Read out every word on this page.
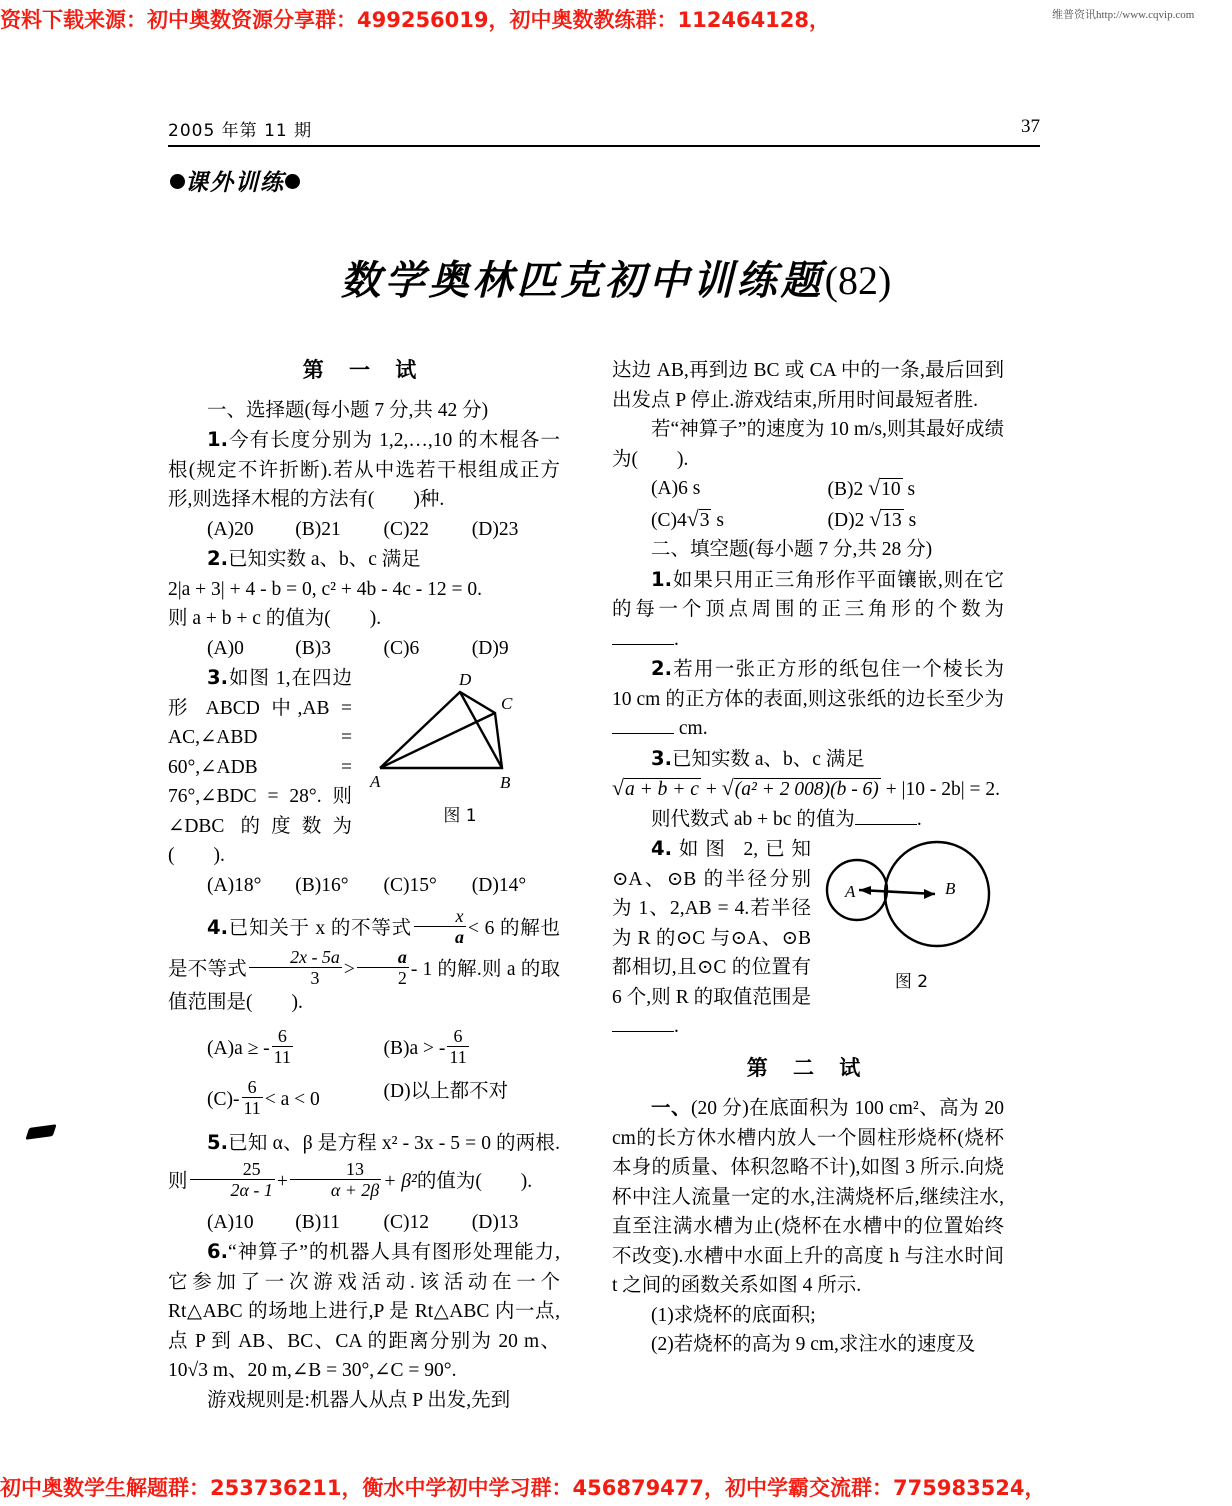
资料下载来源：初中奥数资源分享群：499256019，初中奥数教练群：112464128，	维普资讯http://www.cqvip.com
2005 年第 11 期	37
课外训练
数学奥林匹克初中训练题(82)
第 一 试

一、选择题(每小题 7 分,共 42 分)

1.今有长度分别为 1,2,…,10 的木棍各一根(规定不许折断).若从中选若干根组成正方形,则选择木棍的方法有(　　)种.

(A)20	(B)21	(C)22	(D)23

2.已知实数 a、b、c 满足

2|a + 3| + 4 - b = 0, c² + 4b - 4c - 12 = 0.

则 a + b + c 的值为(　　).

(A)0	(B)3	(C)6	(D)9
A	B
C
D
图 1

3.如图 1,在四边形 ABCD 中,AB = AC,∠ABD = 60°,∠ADB = 76°,∠BDC = 28°. 则∠DBC 的度数为(　　).

(A)18°	(B)16°	(C)15°	(D)14°

4.已知关于 x 的不等式 $\frac{x}{a} < 6$ 的解也是不等式 $\frac{2x - 5a}{3} > \frac{a}{2} - 1$ 的解.则 a 的取值范围是(　　).

(A)a ≥ - $\frac{6}{11}$	(B)a > - $\frac{6}{11}$
$(C)- \frac{6}{11} < a < 0$	(D)以上都不对

5.已知 α、β 是方程 x² - 3x - 5 = 0 的两根.则 $\frac{25}{2\alpha - 1} + \frac{13}{\alpha + 2\beta} + \beta^2$的值为(　　).

(A)10	(B)11	(C)12	(D)13

6.“神算子”的机器人具有图形处理能力,它参加了一次游戏活动.该活动在一个 Rt△ABC 的场地上进行,P 是 Rt△ABC 内一点,点 P 到 AB、BC、CA 的距离分别为 20 m、10√3 m、20 m,∠B = 30°,∠C = 90°.

游戏规则是:机器人从点 P 出发,先到

达边 AB,再到边 BC 或 CA 中的一条,最后回到出发点 P 停止.游戏结束,所用时间最短者胜.

若“神算子”的速度为 10 m/s,则其最好成绩为(　　).

(A)6 s	(B)2 √10 s
(C)4√3 s	(D)2 √13 s

二、填空题(每小题 7 分,共 28 分)

1.如果只用正三角形作平面镶嵌,则在它的每一个顶点周围的正三角形的个数为.

2.若用一张正方形的纸包住一个棱长为 10 cm 的正方体的表面,则这张纸的边长至少为 cm.

3.已知实数 a、b、c 满足

√a + b + c + √(a² + 2 008)(b - 6) + |10 - 2b| = 2.

则代数式 ab + bc 的值为	.

A	B
图 2

4.如图 2,已知⊙A、⊙B 的半径分别为 1、2,AB = 4.若半径为 R 的⊙C 与⊙A、⊙B 都相切,且⊙C 的位置有 6 个,则 R 的取值范围是.

第 二 试

一、(20 分)在底面积为 100 cm²、高为 20 cm的长方休水槽内放人一个圆柱形烧杯(烧杯本身的质量、体积忽略不计),如图 3 所示.向烧杯中注人流量一定的水,注满烧杯后,继续注水,直至注满水槽为止(烧杯在水槽中的位置始终不改变).水槽中水面上升的高度 h 与注水时间 t 之间的函数关系如图 4 所示.

(1)求烧杯的底面积;

(2)若烧杯的高为 9 cm,求注水的速度及

初中奥数学生解题群：253736211，衡水中学初中学习群：456879477，初中学霸交流群：775983524，
